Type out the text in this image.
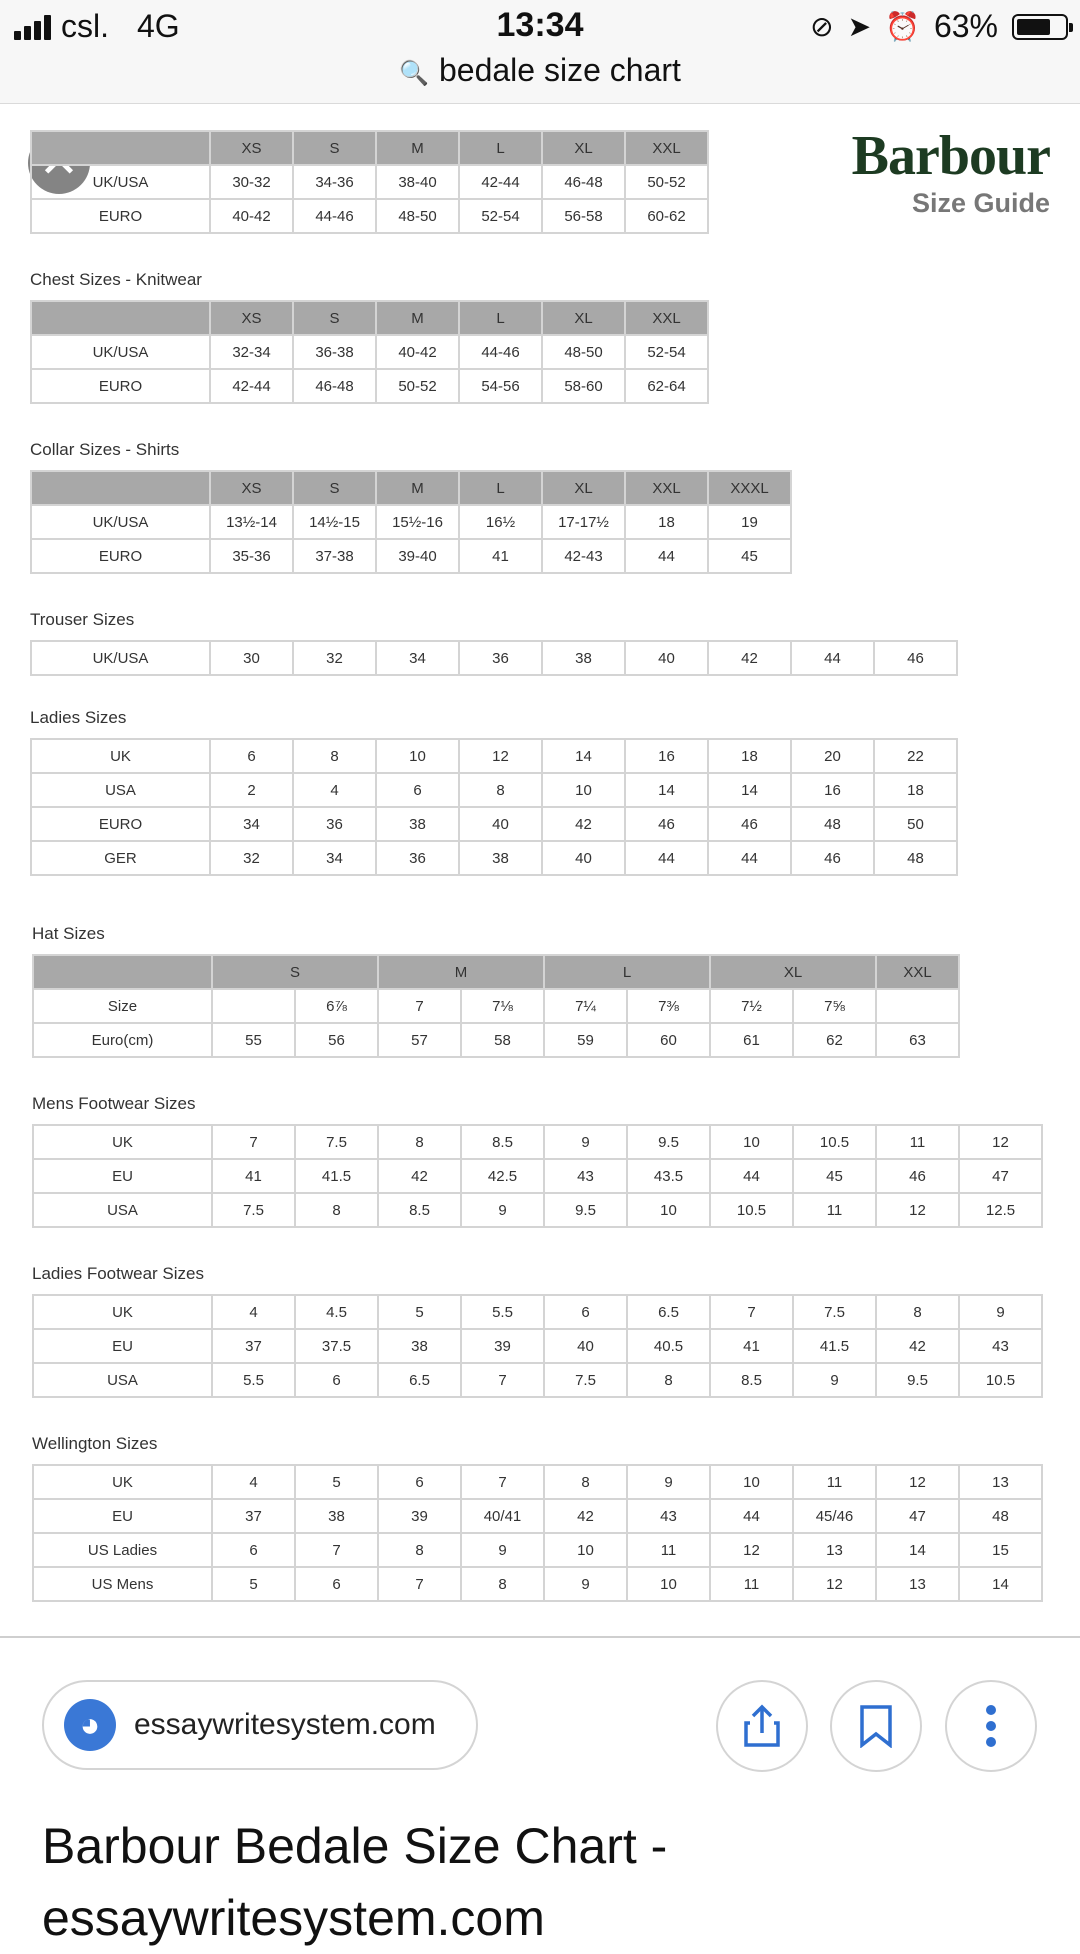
csl. 4G	13:34	⊘ ➤ ⏰ 63%
🔍 bedale size chart
Barbour
Size Guide
	XS	S	M	L	XL	XXL
UK/USA	30-32	34-36	38-40	42-44	46-48	50-52
EURO	40-42	44-46	48-50	52-54	56-58	60-62
Chest Sizes - Knitwear
	XS	S	M	L	XL	XXL
UK/USA	32-34	36-38	40-42	44-46	48-50	52-54
EURO	42-44	46-48	50-52	54-56	58-60	62-64
Collar Sizes - Shirts
	XS	S	M	L	XL	XXL	XXXL
UK/USA	13½-14	14½-15	15½-16	16½	17-17½	18	19
EURO	35-36	37-38	39-40	41	42-43	44	45
Trouser Sizes
UK/USA	30	32	34	36	38	40	42	44	46
Ladies Sizes
UK	6	8	10	12	14	16	18	20	22
USA	2	4	6	8	10	14	14	16	18
EURO	34	36	38	40	42	46	46	48	50
GER	32	34	36	38	40	44	44	46	48
Hat Sizes
	S		M		L		XL		XXL
Size		6⅞	7	7⅛	7¼	7⅜	7½	7⅝	
Euro(cm)	55	56	57	58	59	60	61	62	63
Mens Footwear Sizes
UK	7	7.5	8	8.5	9	9.5	10	10.5	11	12
EU	41	41.5	42	42.5	43	43.5	44	45	46	47
USA	7.5	8	8.5	9	9.5	10	10.5	11	12	12.5
Ladies Footwear Sizes
UK	4	4.5	5	5.5	6	6.5	7	7.5	8	9
EU	37	37.5	38	39	40	40.5	41	41.5	42	43
USA	5.5	6	6.5	7	7.5	8	8.5	9	9.5	10.5
Wellington Sizes
UK	4	5	6	7	8	9	10	11	12	13
EU	37	38	39	40/41	42	43	44	45/46	47	48
US Ladies	6	7	8	9	10	11	12	13	14	15
US Mens	5	6	7	8	9	10	11	12	13	14
◕	essaywritesystem.com
Barbour Bedale Size Chart - essaywritesystem.com
